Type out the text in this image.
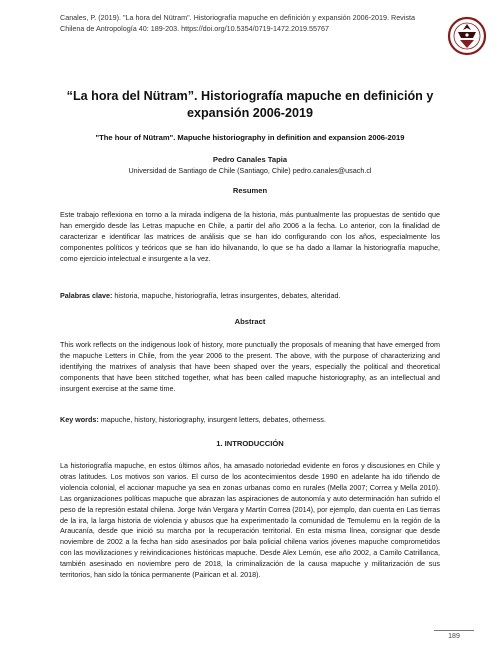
Canales, P. (2019). "La hora del Nütram". Historiografía mapuche en definición y expansión 2006-2019. Revista Chilena de Antropología 40: 189-203. https://doi.org/10.5354/0719-1472.2019.55767
“La hora del Nütram”. Historiografía mapuche en definición y expansión 2006-2019
"The hour of Nütram". Mapuche historiography in definition and expansion 2006-2019
Pedro Canales Tapia
Universidad de Santiago de Chile (Santiago, Chile) pedro.canales@usach.cl
Resumen
Este trabajo reflexiona en torno a la mirada indígena de la historia, más puntualmente las propuestas de sentido que han emergido desde las Letras mapuche en Chile, a partir del año 2006 a la fecha. Lo anterior, con la finalidad de caracterizar e identificar las matrices de análisis que se han ido configurando con los años, especialmente los componentes políticos y teóricos que se han ido hilvanando, lo que se ha dado a llamar la historiografía mapuche, como ejercicio intelectual e insurgente a la vez.
Palabras clave: historia, mapuche, historiografía, letras insurgentes, debates, alteridad.
Abstract
This work reflects on the indigenous look of history, more punctually the proposals of meaning that have emerged from the mapuche Letters in Chile, from the year 2006 to the present. The above, with the purpose of characterizing and identifying the matrixes of analysis that have been shaped over the years, especially the political and theoretical components that have been stitched together, what has been called mapuche historiography, as an intellectual and insurgent exercise at the same time.
Key words: mapuche, history, historiography, insurgent letters, debates, otherness.
1. INTRODUCCIÓN
La historiografía mapuche, en estos últimos años, ha amasado notoriedad evidente en foros y discusiones en Chile y otras latitudes. Los motivos son varios. El curso de los acontecimientos desde 1990 en adelante ha ido tiñendo de violencia colonial, el accionar mapuche ya sea en zonas urbanas como en rurales (Mella 2007; Correa y Mella 2010). Las organizaciones políticas mapuche que abrazan las aspiraciones de autonomía y auto determinación han sufrido el peso de la represión estatal chilena. Jorge Iván Vergara y Martín Correa (2014), por ejemplo, dan cuenta en Las tierras de la ira, la larga historia de violencia y abusos que ha experimentado la comunidad de Temulemu en la región de la Araucanía, desde que inició su marcha por la recuperación territorial. En esta misma línea, consignar que desde noviembre de 2002 a la fecha han sido asesinados por bala policial chilena varios jóvenes mapuche comprometidos con las movilizaciones y reivindicaciones históricas mapuche. Desde Alex Lemún, ese año 2002, a Camilo Catrillanca, también asesinado en noviembre pero de 2018, la criminalización de la causa mapuche y militarización de sus territorios, han sido la tónica permanente (Pairican et al. 2018).
189
